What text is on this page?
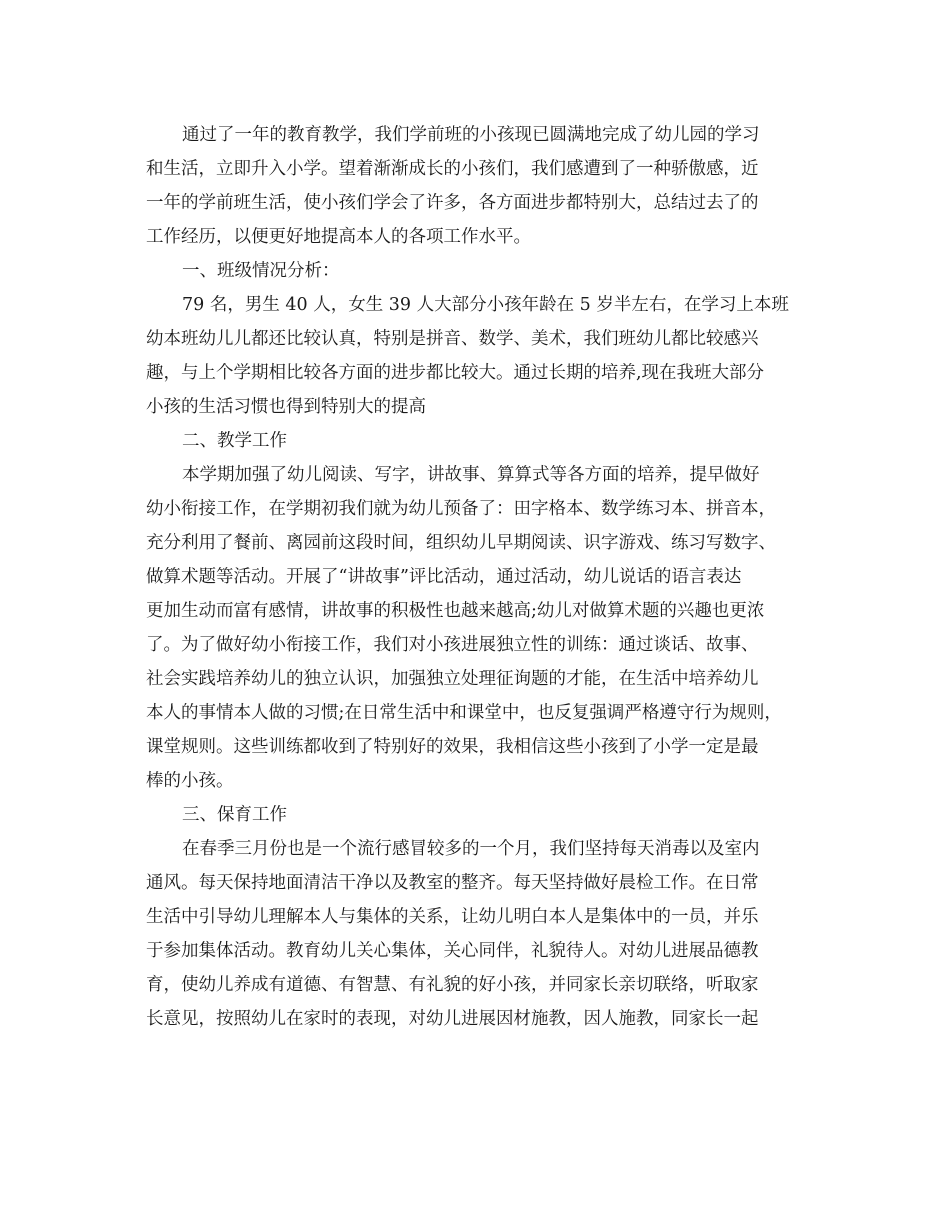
通过了一年的教育教学，我们学前班的小孩现已圆满地完成了幼儿园的学习
和生活，立即升入小学。望着渐渐成长的小孩们，我们感遭到了一种骄傲感，近
一年的学前班生活，使小孩们学会了许多，各方面进步都特别大，总结过去了的
工作经历，以便更好地提高本人的各项工作水平。
一、班级情况分析：
79 名，男生 40 人，女生 39 人大部分小孩年龄在 5 岁半左右，在学习上本班
幼本班幼儿儿都还比较认真，特别是拼音、数学、美术，我们班幼儿都比较感兴
趣，与上个学期相比较各方面的进步都比较大。通过长期的培养,现在我班大部分
小孩的生活习惯也得到特别大的提高
二、教学工作
本学期加强了幼儿阅读、写字，讲故事、算算式等各方面的培养，提早做好
幼小衔接工作，在学期初我们就为幼儿预备了：田字格本、数学练习本、拼音本，
充分利用了餐前、离园前这段时间，组织幼儿早期阅读、识字游戏、练习写数字、
做算术题等活动。开展了“讲故事”评比活动，通过活动，幼儿说话的语言表达
更加生动而富有感情，讲故事的积极性也越来越高;幼儿对做算术题的兴趣也更浓
了。为了做好幼小衔接工作，我们对小孩进展独立性的训练：通过谈话、故事、
社会实践培养幼儿的独立认识，加强独立处理征询题的才能，在生活中培养幼儿
本人的事情本人做的习惯;在日常生活中和课堂中，也反复强调严格遵守行为规则，
课堂规则。这些训练都收到了特别好的效果，我相信这些小孩到了小学一定是最
棒的小孩。
三、保育工作
在春季三月份也是一个流行感冒较多的一个月，我们坚持每天消毒以及室内
通风。每天保持地面清洁干净以及教室的整齐。每天坚持做好晨检工作。在日常
生活中引导幼儿理解本人与集体的关系，让幼儿明白本人是集体中的一员，并乐
于参加集体活动。教育幼儿关心集体，关心同伴，礼貌待人。对幼儿进展品德教
育，使幼儿养成有道德、有智慧、有礼貌的好小孩，并同家长亲切联络，听取家
长意见，按照幼儿在家时的表现，对幼儿进展因材施教，因人施教，同家长一起
